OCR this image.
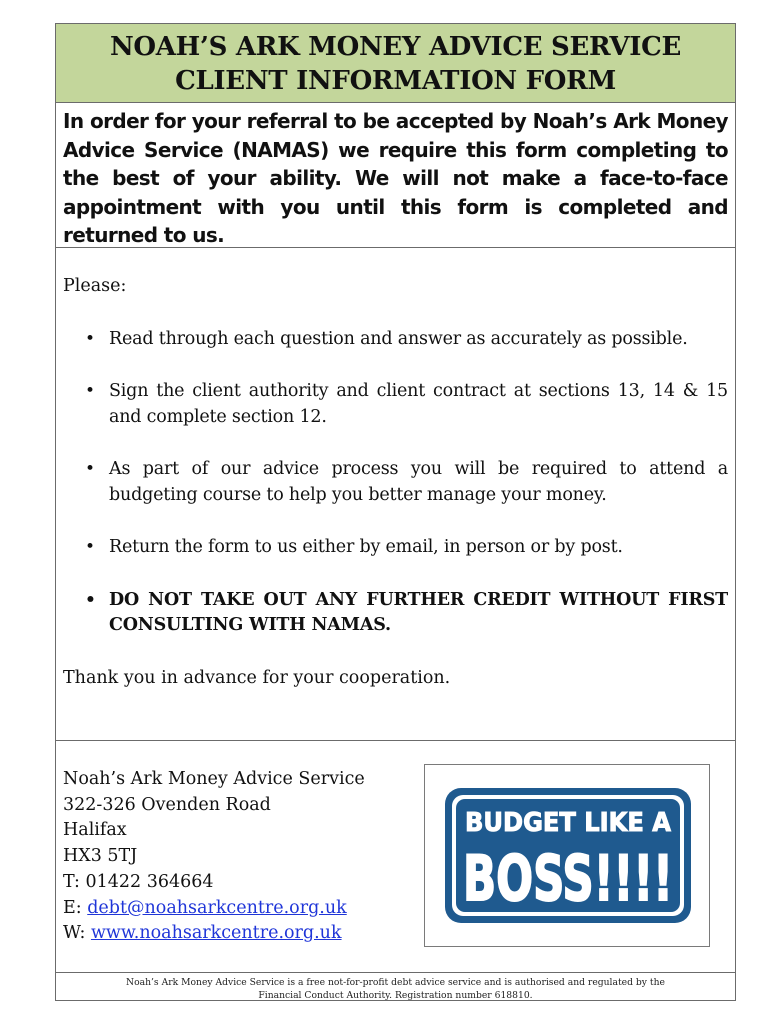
NOAH’S ARK MONEY ADVICE SERVICE
CLIENT INFORMATION FORM

In order for your referral to be accepted by Noah’s Ark Money Advice Service (NAMAS) we require this form completing to the best of your ability. We will not make a face-to-face appointment with you until this form is completed and returned to us.

Please:

• Read through each question and answer as accurately as possible.
• Sign the client authority and client contract at sections 13, 14 & 15 and complete section 12.
• As part of our advice process you will be required to attend a budgeting course to help you better manage your money.
• Return the form to us either by email, in person or by post.
• DO NOT TAKE OUT ANY FURTHER CREDIT WITHOUT FIRST CONSULTING WITH NAMAS.

Thank you in advance for your cooperation.

Noah’s Ark Money Advice Service
322-326 Ovenden Road
Halifax
HX3 5TJ
T: 01422 364664
E: debt@noahsarkcentre.org.uk
W: www.noahsarkcentre.org.uk
BUDGET LIKE A
BOSS!!!!
Noah’s Ark Money Advice Service is a free not-for-profit debt advice service and is authorised and regulated by the
Financial Conduct Authority. Registration number 618810.
